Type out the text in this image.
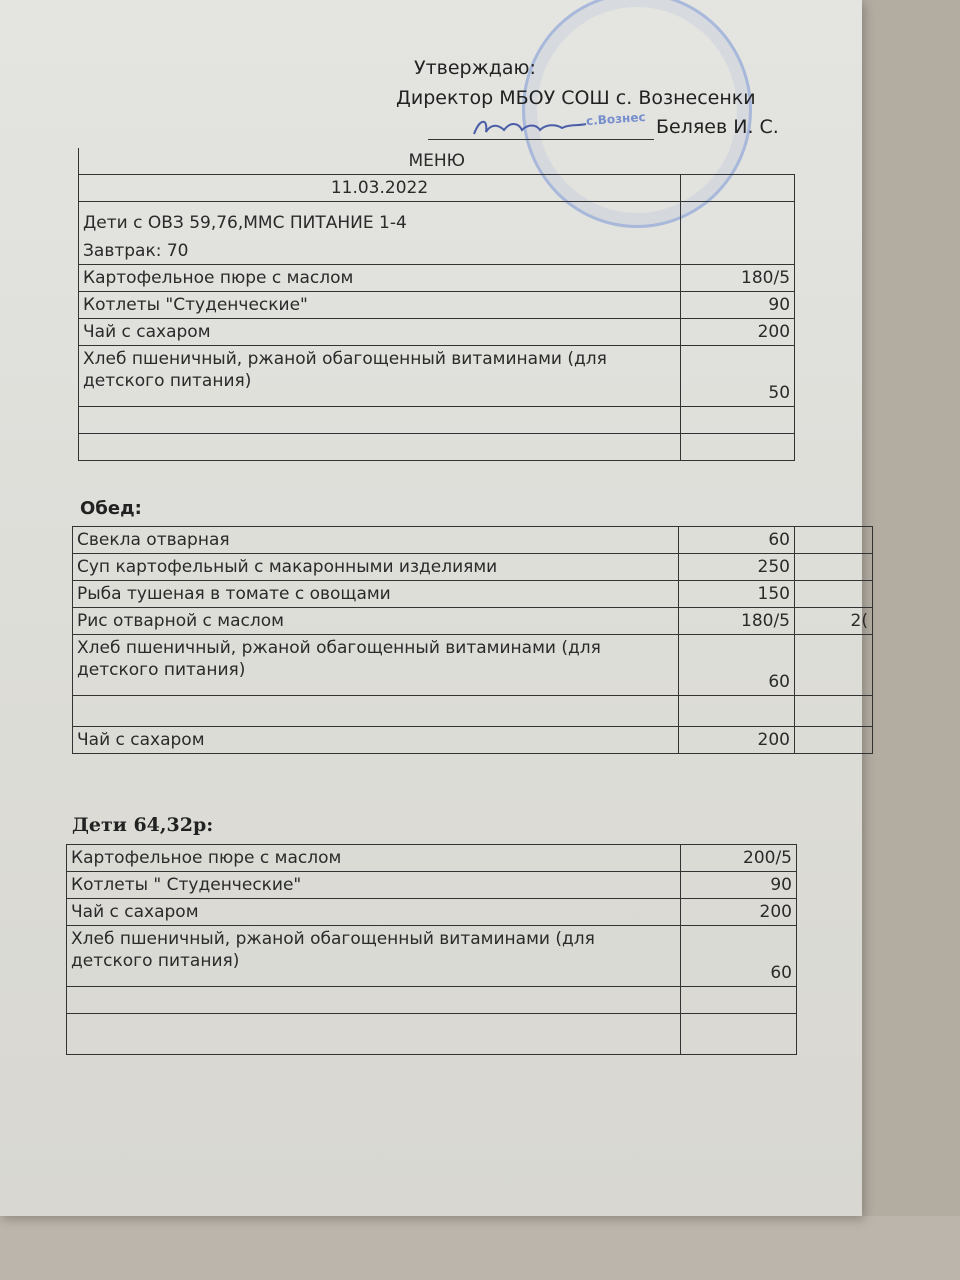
с.Вознес
Утверждаю:
Директор МБОУ СОШ с. Вознесенки
Беляев И. С.
МЕНЮ	
11.03.2022	

Дети с ОВЗ 59,76,ММС ПИТАНИЕ 1-4
Завтрак: 70	

Картофельное пюре с маслом	180/5
Котлеты "Студенческие"	90
Чай с сахаром	200
Хлеб пшеничный, ржаной обагощенный витаминами (для детского питания)	50

Обед:
Свекла отварная	60	
Суп картофельный с макаронными изделиями	250	
Рыба тушеная в томате с овощами	150	
Рис отварной с маслом	180/5	2(
Хлеб пшеничный, ржаной обагощенный витаминами (для детского питания)	60	

Чай с сахаром	200	
Дети 64,32р:
Картофельное пюре с маслом	200/5
Котлеты " Студенческие"	90
Чай с сахаром	200
Хлеб пшеничный, ржаной обагощенный витаминами (для детского питания)	60
